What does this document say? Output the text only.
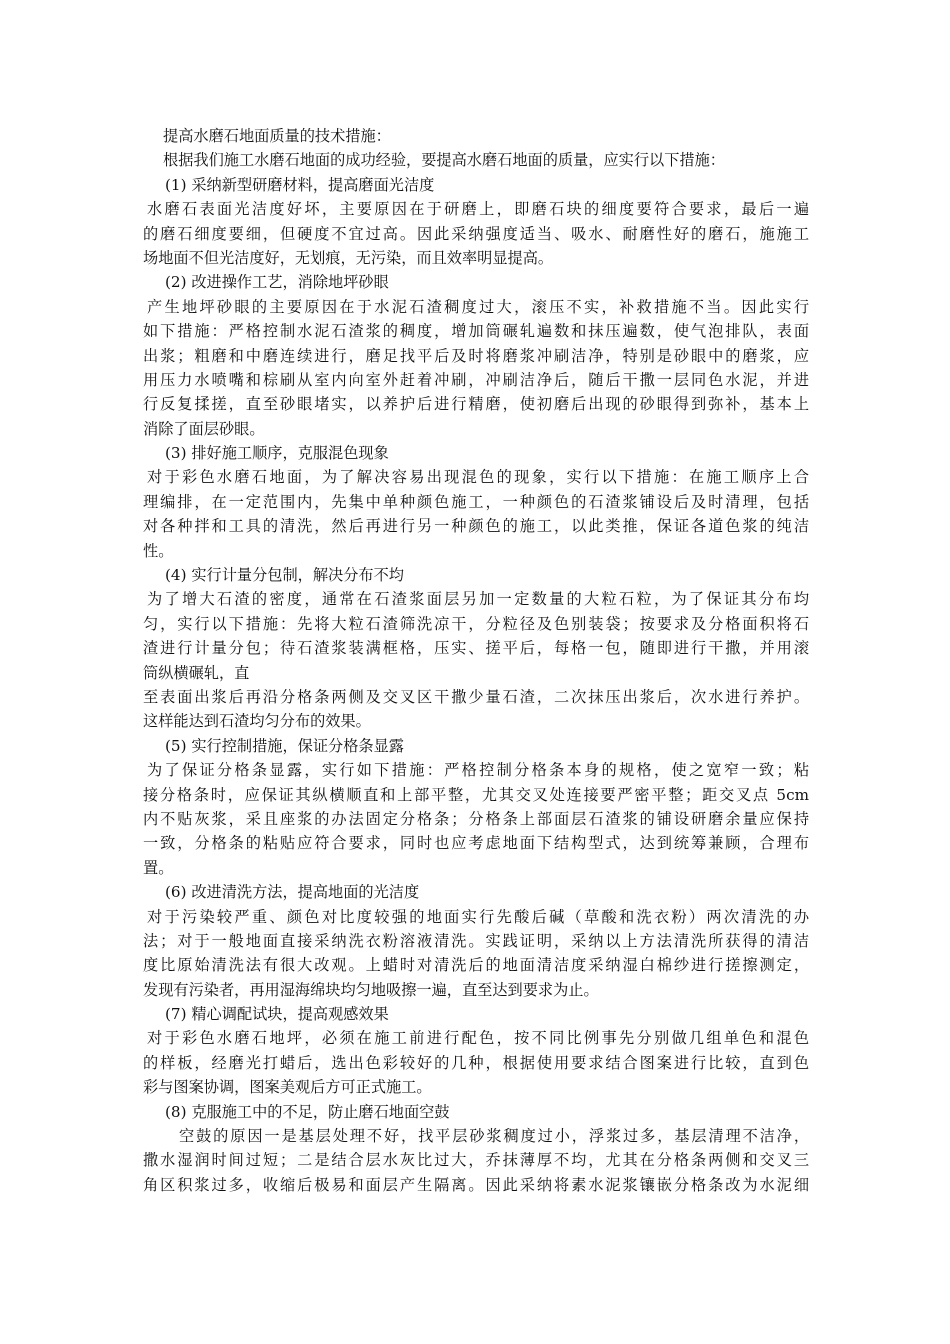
提高水磨石地面质量的技术措施：

根据我们施工水磨石地面的成功经验，要提高水磨石地面的质量，应实行以下措施：

(1) 采纳新型研磨材料，提高磨面光洁度

水磨石表面光洁度好坏，主要原因在于研磨上，即磨石块的细度要符合要求，最后一遍

的磨石细度要细，但硬度不宜过高。因此采纳强度适当、吸水、耐磨性好的磨石，施施工

场地面不但光洁度好，无划痕，无污染，而且效率明显提高。

(2) 改进操作工艺，消除地坪砂眼

产生地坪砂眼的主要原因在于水泥石渣稠度过大，滚压不实，补救措施不当。因此实行

如下措施：严格控制水泥石渣浆的稠度，增加筒碾轧遍数和抹压遍数，使气泡排队，表面

出浆；粗磨和中磨连续进行，磨足找平后及时将磨浆冲刷洁净，特别是砂眼中的磨浆，应

用压力水喷嘴和棕刷从室内向室外赶着冲刷，冲刷洁净后，随后干撒一层同色水泥，并进

行反复揉搓，直至砂眼堵实，以养护后进行精磨，使初磨后出现的砂眼得到弥补，基本上

消除了面层砂眼。

(3) 排好施工顺序，克服混色现象

对于彩色水磨石地面，为了解决容易出现混色的现象，实行以下措施：在施工顺序上合

理编排，在一定范围内，先集中单种颜色施工，一种颜色的石渣浆铺设后及时清理，包括

对各种拌和工具的清洗，然后再进行另一种颜色的施工，以此类推，保证各道色浆的纯洁

性。

(4) 实行计量分包制，解决分布不均

为了增大石渣的密度，通常在石渣浆面层另加一定数量的大粒石粒，为了保证其分布均

匀，实行以下措施：先将大粒石渣筛洗凉干，分粒径及色别装袋；按要求及分格面积将石

渣进行计量分包；待石渣浆装满框格，压实、搓平后，每格一包，随即进行干撒，并用滚

筒纵横碾轧，直

至表面出浆后再沿分格条两侧及交叉区干撒少量石渣，二次抹压出浆后，次水进行养护。

这样能达到石渣均匀分布的效果。

(5) 实行控制措施，保证分格条显露

为了保证分格条显露，实行如下措施：严格控制分格条本身的规格，使之宽窄一致；粘

接分格条时，应保证其纵横顺直和上部平整，尤其交叉处连接要严密平整；距交叉点 5cm

内不贴灰浆，采且座浆的办法固定分格条；分格条上部面层石渣浆的铺设研磨余量应保持

一致，分格条的粘贴应符合要求，同时也应考虑地面下结构型式，达到统筹兼顾，合理布

置。

(6) 改进清洗方法，提高地面的光洁度

对于污染较严重、颜色对比度较强的地面实行先酸后碱（草酸和洗衣粉）两次清洗的办

法；对于一般地面直接采纳洗衣粉溶液清洗。实践证明，采纳以上方法清洗所获得的清洁

度比原始清洗法有很大改观。上蜡时对清洗后的地面清洁度采纳湿白棉纱进行搓擦测定，

发现有污染者，再用湿海绵块均匀地吸擦一遍，直至达到要求为止。

(7) 精心调配试块，提高观感效果

对于彩色水磨石地坪，必须在施工前进行配色，按不同比例事先分别做几组单色和混色

的样板，经磨光打蜡后，选出色彩较好的几种，根据使用要求结合图案进行比较，直到色

彩与图案协调，图案美观后方可正式施工。

(8) 克服施工中的不足，防止磨石地面空鼓

空鼓的原因一是基层处理不好，找平层砂浆稠度过小，浮浆过多，基层清理不洁净，

撒水湿润时间过短；二是结合层水灰比过大，乔抹薄厚不均，尤其在分格条两侧和交叉三

角区积浆过多，收缩后极易和面层产生隔离。因此采纳将素水泥浆镶嵌分格条改为水泥细
